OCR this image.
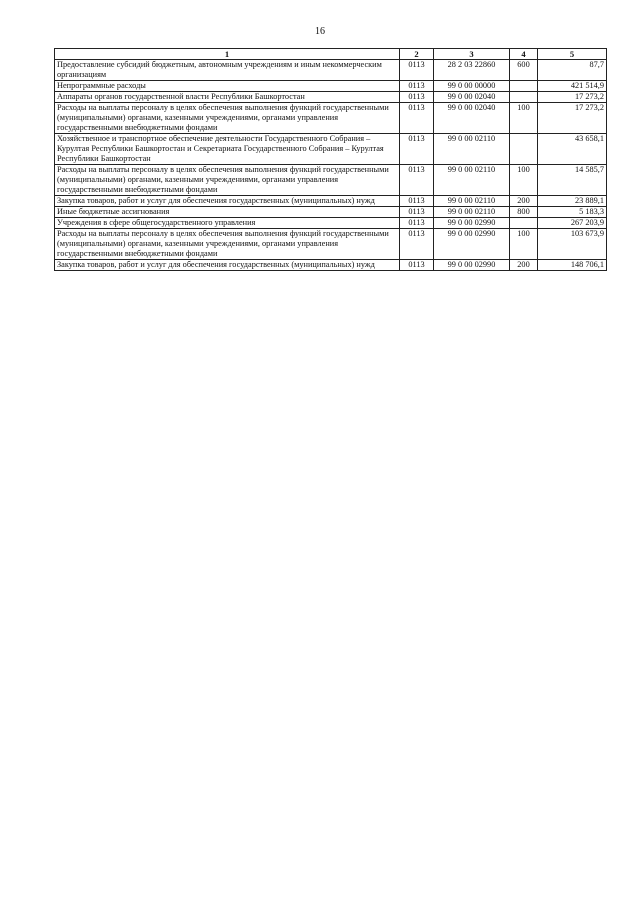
16
1	2	3	4	5
Предоставление субсидий бюджетным, автономным учреждениям и иным некоммерческим организациям	0113	28 2 03 22860	600	87,7
Непрограммные расходы	0113	99 0 00 00000		421 514,9
Аппараты органов государственной власти Республики Башкортостан	0113	99 0 00 02040		17 273,2
Расходы на выплаты персоналу в целях обеспечения выполнения функций государственными (муниципальными) органами, казенными учреждениями, органами управления государственными внебюджетными фондами	0113	99 0 00 02040	100	17 273,2
Хозяйственное и транспортное обеспечение деятельности Государственного Собрания – Курултая Республики Башкортостан и Секретариата Государственного Собрания – Курултая Республики Башкортостан	0113	99 0 00 02110		43 658,1
Расходы на выплаты персоналу в целях обеспечения выполнения функций государственными (муниципальными) органами, казенными учреждениями, органами управления государственными внебюджетными фондами	0113	99 0 00 02110	100	14 585,7
Закупка товаров, работ и услуг для обеспечения государственных (муниципальных) нужд	0113	99 0 00 02110	200	23 889,1
Иные бюджетные ассигнования	0113	99 0 00 02110	800	5 183,3
Учреждения в сфере общегосударственного управления	0113	99 0 00 02990		267 203,9
Расходы на выплаты персоналу в целях обеспечения выполнения функций государственными (муниципальными) органами, казенными учреждениями, органами управления государственными внебюджетными фондами	0113	99 0 00 02990	100	103 673,9
Закупка товаров, работ и услуг для обеспечения государственных (муниципальных) нужд	0113	99 0 00 02990	200	148 706,1
